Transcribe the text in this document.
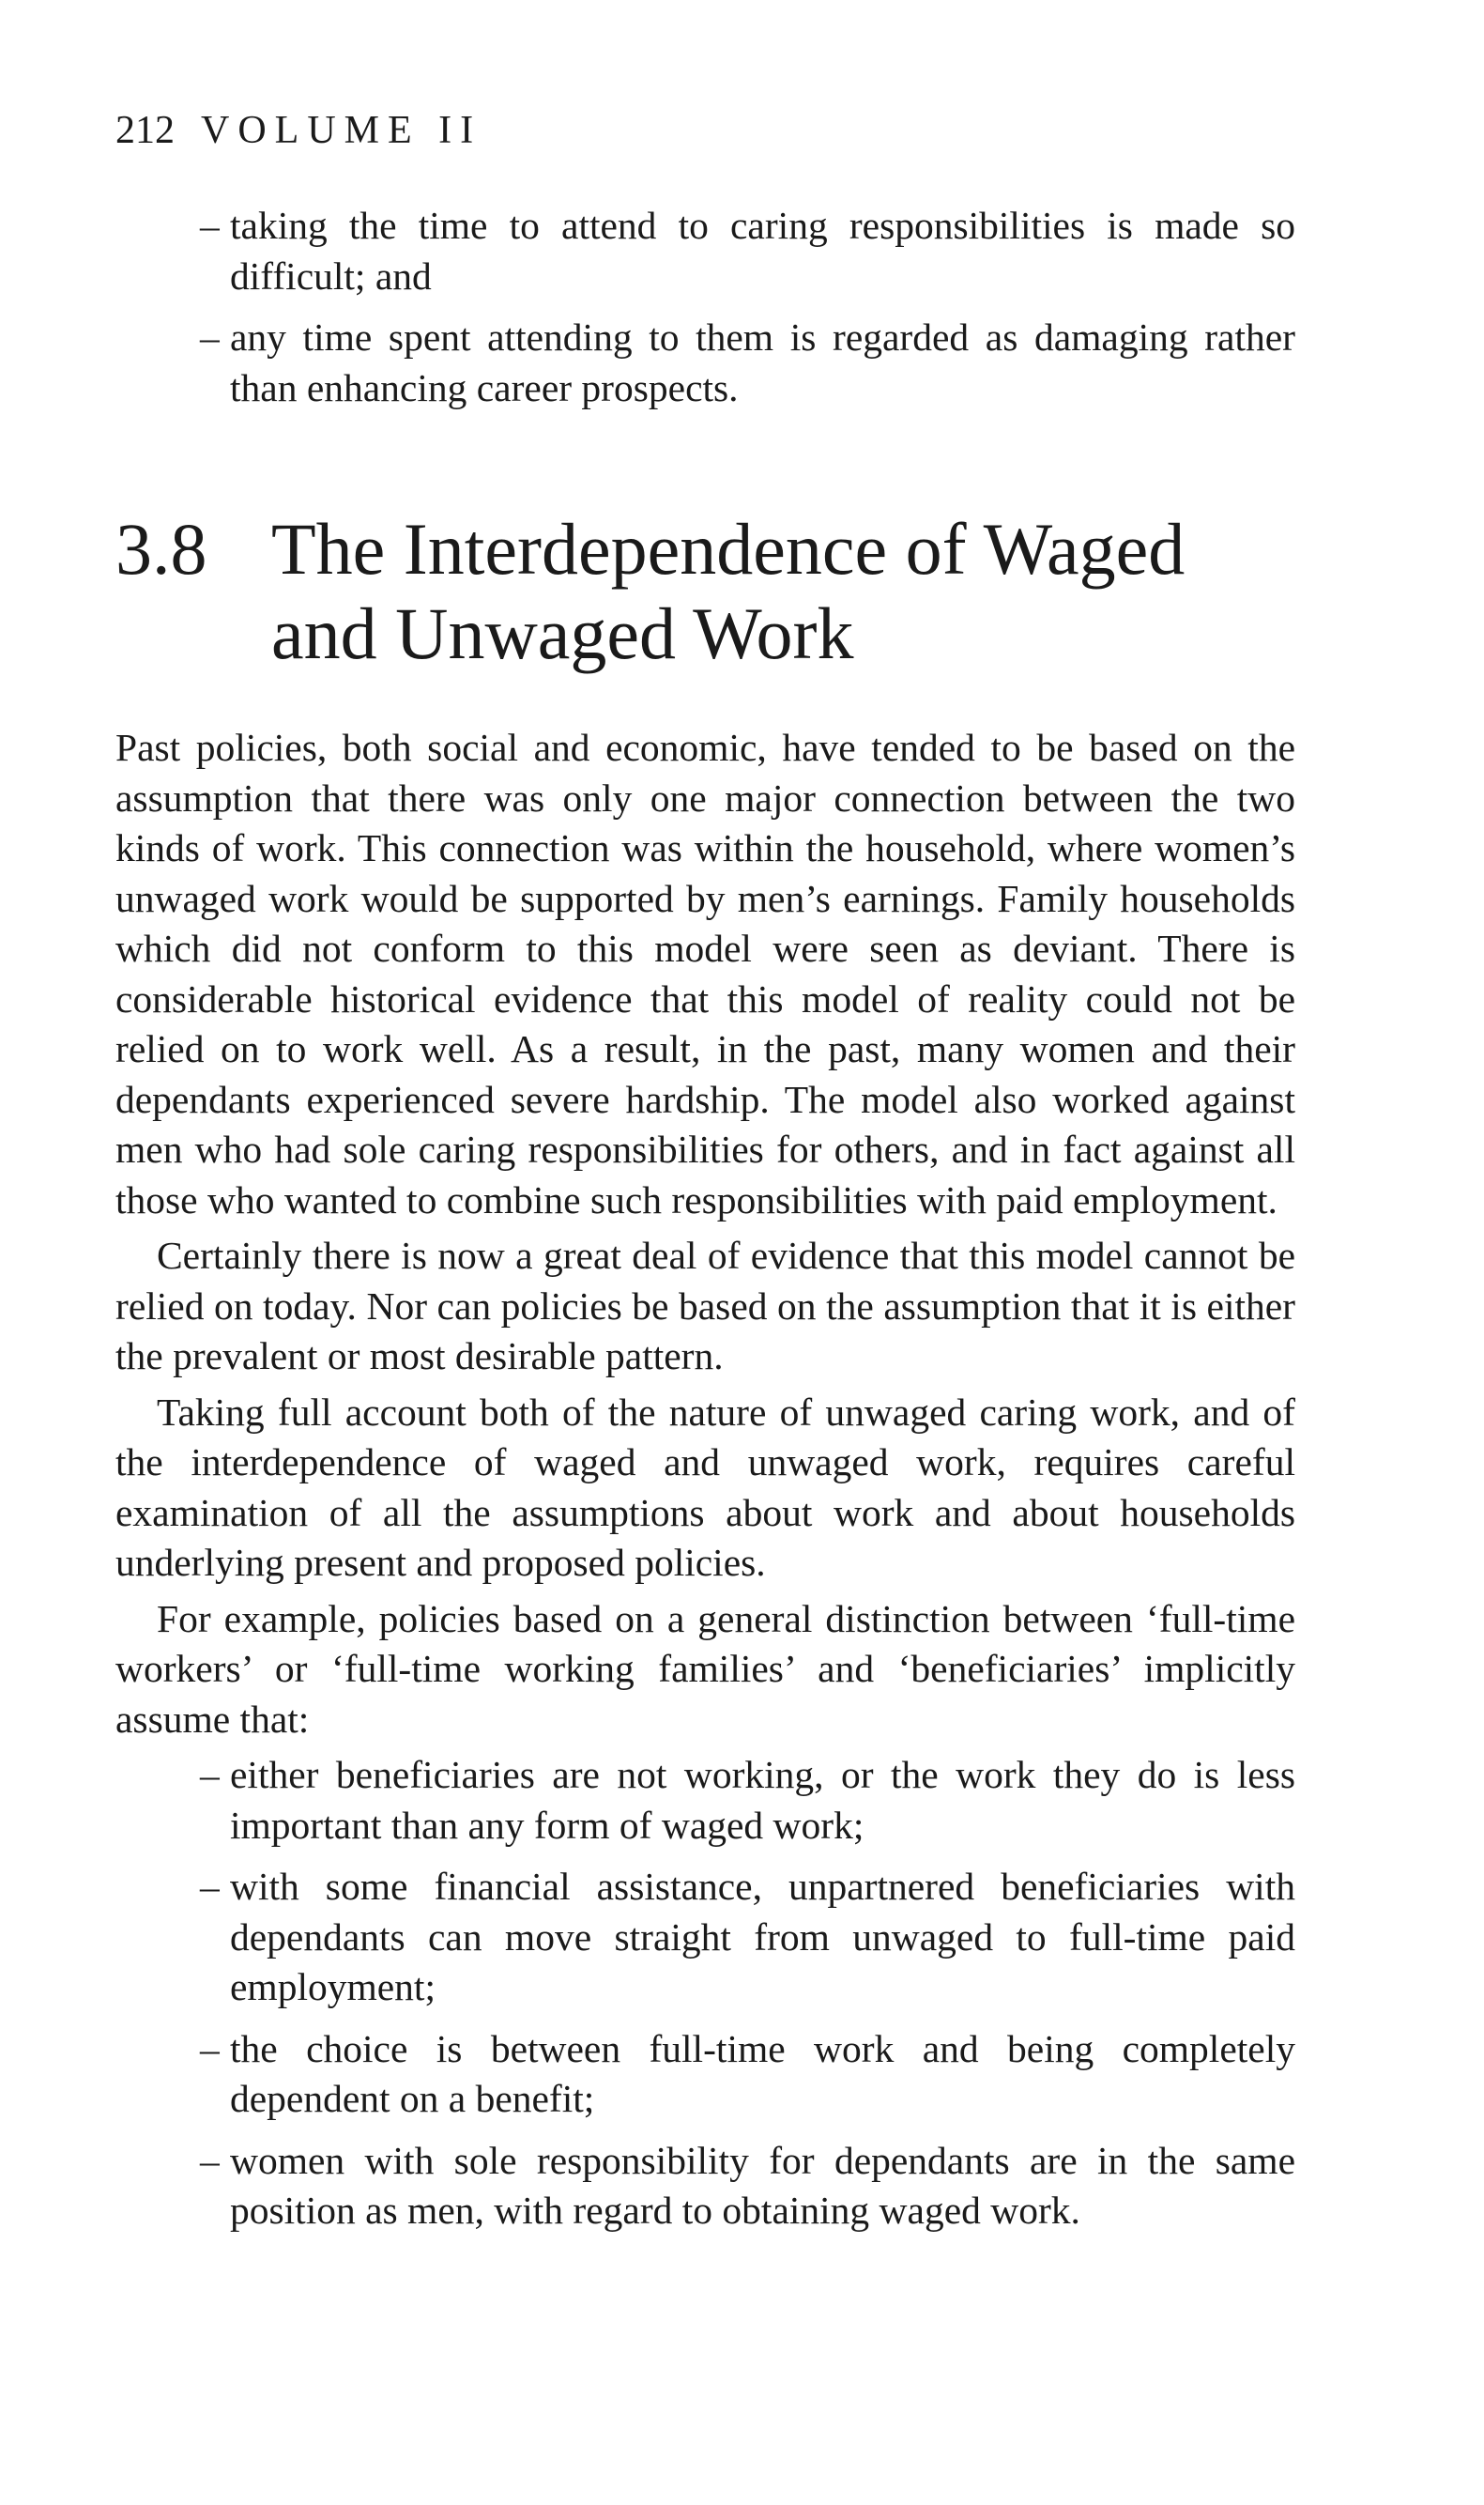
212 VOLUME II
– taking the time to attend to caring responsibilities is made so difficult; and
– any time spent attending to them is regarded as damaging rather than enhancing career prospects.
3.8 The Interdependence of Waged and Unwaged Work

Past policies, both social and economic, have tended to be based on the assumption that there was only one major connection between the two kinds of work. This connection was within the household, where women’s unwaged work would be supported by men’s earnings. Family households which did not conform to this model were seen as deviant. There is considerable historical evidence that this model of reality could not be relied on to work well. As a result, in the past, many women and their dependants experienced severe hardship. The model also worked against men who had sole caring responsibilities for others, and in fact against all those who wanted to combine such responsibilities with paid employment.

Certainly there is now a great deal of evidence that this model cannot be relied on today. Nor can policies be based on the assumption that it is either the prevalent or most desirable pattern.

Taking full account both of the nature of unwaged caring work, and of the interdependence of waged and unwaged work, requires careful examination of all the assumptions about work and about households underlying present and proposed policies.

For example, policies based on a general distinction between ‘full-time workers’ or ‘full-time working families’ and ‘beneficiaries’ implicitly assume that:

– either beneficiaries are not working, or the work they do is less important than any form of waged work;
– with some financial assistance, unpartnered beneficiaries with dependants can move straight from unwaged to full-time paid employment;
– the choice is between full-time work and being completely dependent on a benefit;
– women with sole responsibility for dependants are in the same position as men, with regard to obtaining waged work.
